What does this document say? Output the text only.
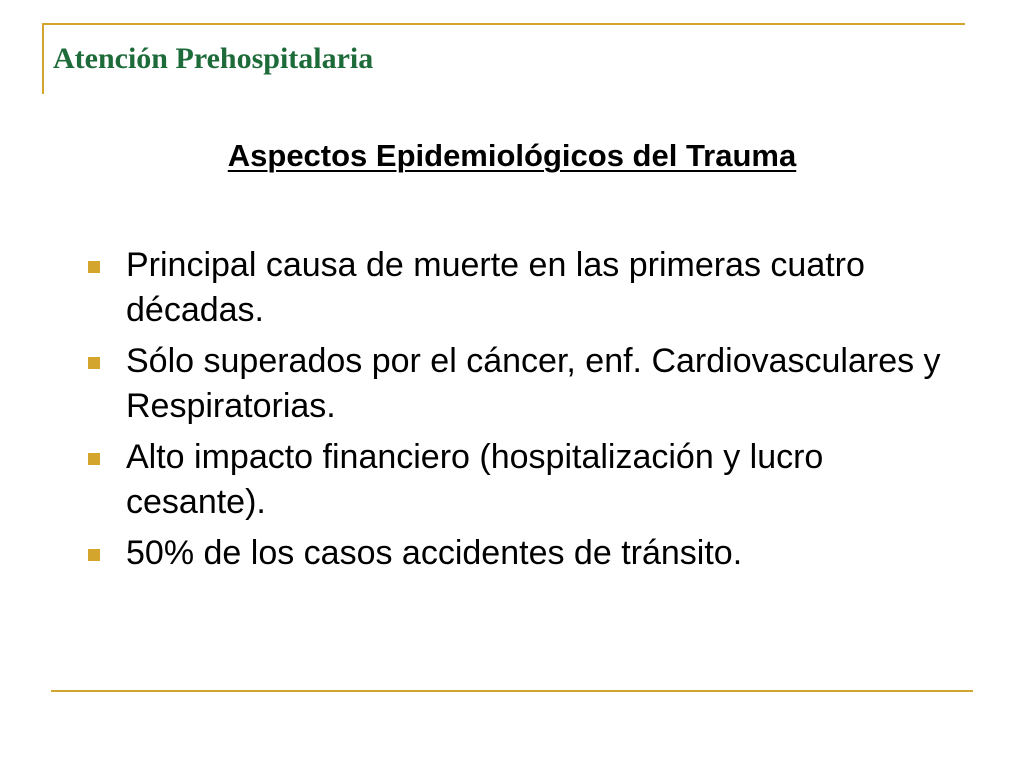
Atención Prehospitalaria
Aspectos Epidemiológicos del Trauma
Principal causa de muerte en las primeras cuatro décadas.
Sólo superados por el cáncer, enf. Cardiovasculares y Respiratorias.
Alto impacto financiero (hospitalización y lucro cesante).
50% de los casos accidentes de tránsito.
